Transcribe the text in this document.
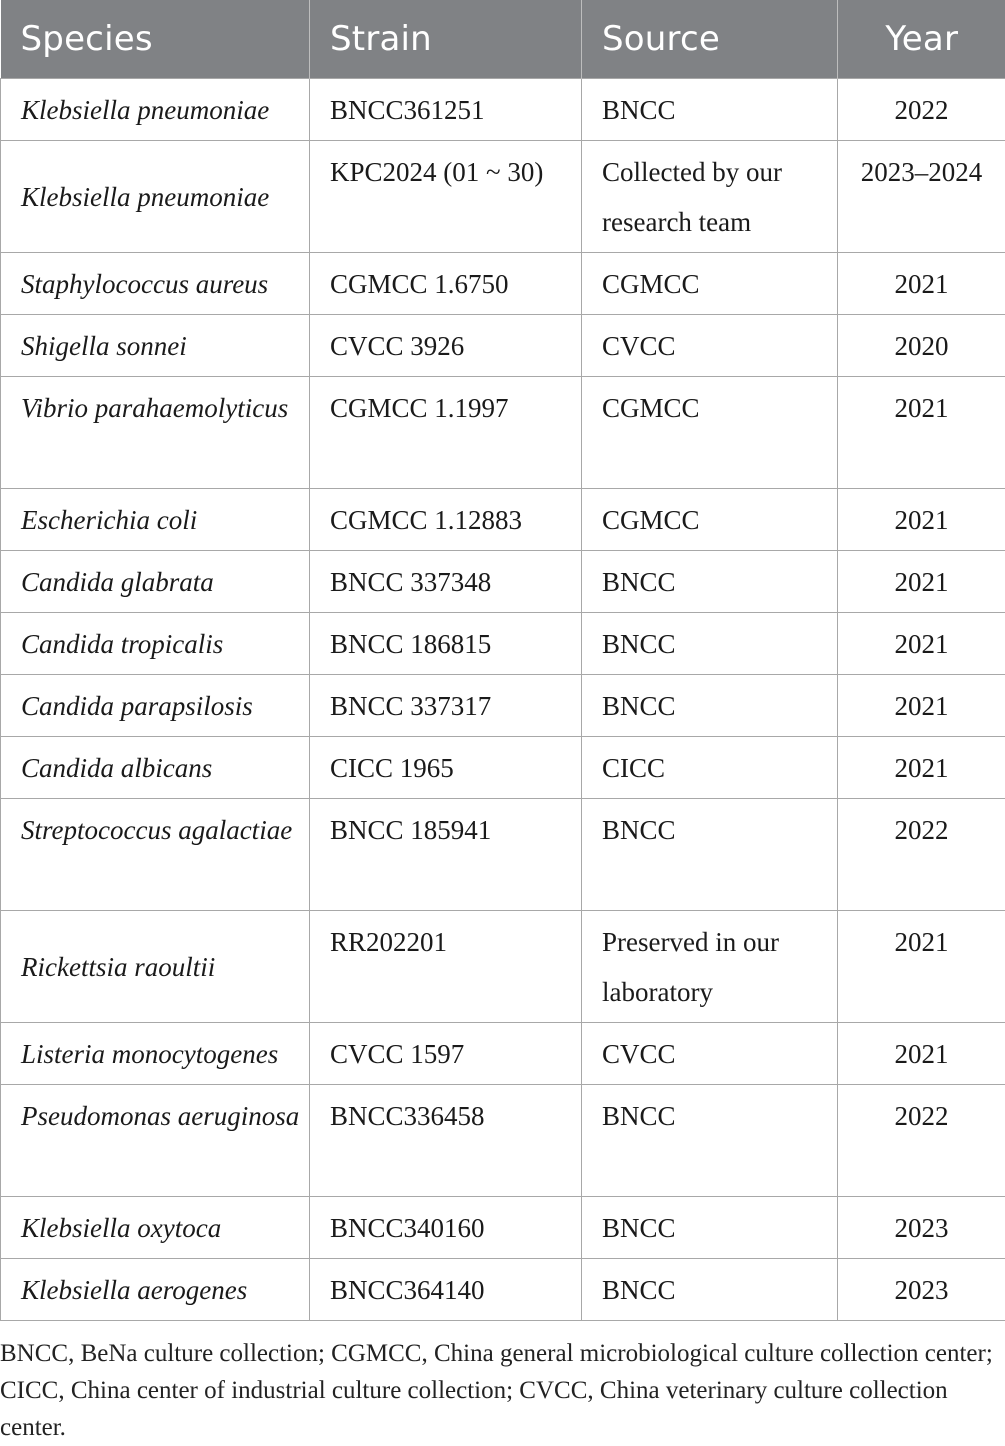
Species	Strain	Source	Year
Klebsiella pneumoniae	BNCC361251	BNCC	2022
Klebsiella pneumoniae	KPC2024 (01 ~ 30)	Collected by our research team	2023–2024
Staphylococcus aureus	CGMCC 1.6750	CGMCC	2021
Shigella sonnei	CVCC 3926	CVCC	2020
Vibrio parahaemolyticus	CGMCC 1.1997	CGMCC	2021
Escherichia coli	CGMCC 1.12883	CGMCC	2021
Candida glabrata	BNCC 337348	BNCC	2021
Candida tropicalis	BNCC 186815	BNCC	2021
Candida parapsilosis	BNCC 337317	BNCC	2021
Candida albicans	CICC 1965	CICC	2021
Streptococcus agalactiae	BNCC 185941	BNCC	2022
Rickettsia raoultii	RR202201	Preserved in our laboratory	2021
Listeria monocytogenes	CVCC 1597	CVCC	2021
Pseudomonas aeruginosa	BNCC336458	BNCC	2022
Klebsiella oxytoca	BNCC340160	BNCC	2023
Klebsiella aerogenes	BNCC364140	BNCC	2023

BNCC, BeNa culture collection; CGMCC, China general microbiological culture collection center; CICC, China center of industrial culture collection; CVCC, China veterinary culture collection center.
